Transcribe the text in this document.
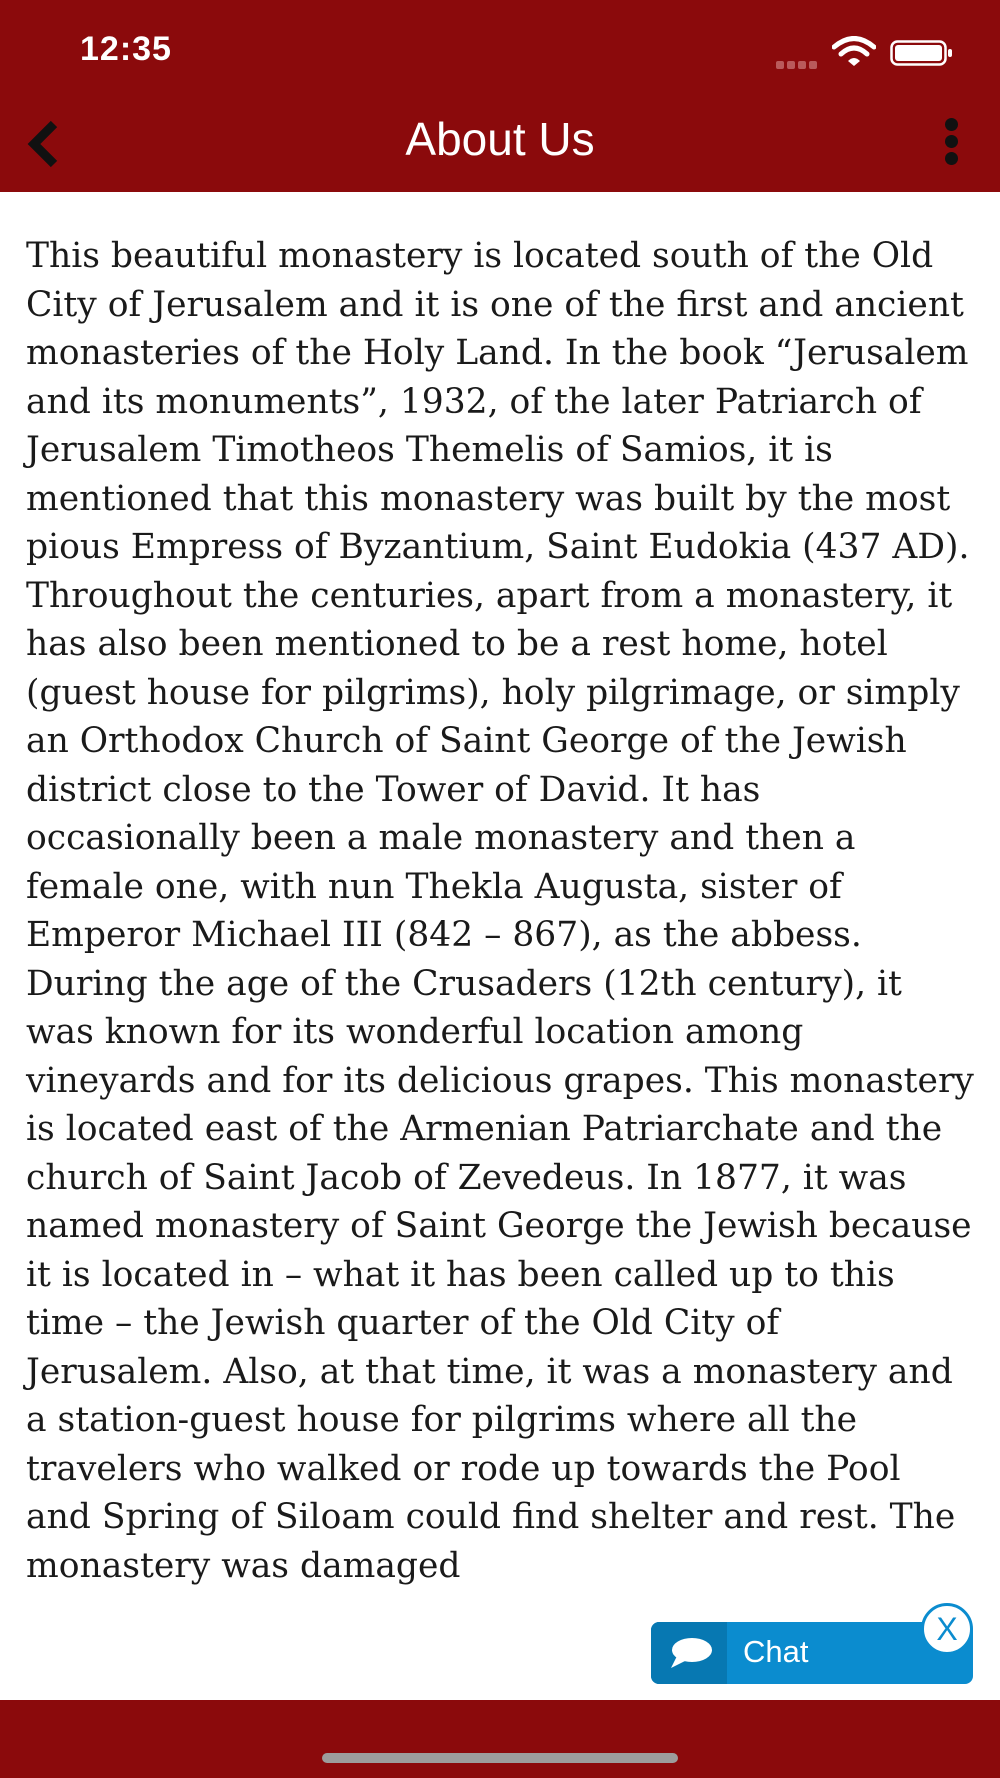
12:35
About Us

This beautiful monastery is located south of the Old City of Jerusalem and it is one of the first and ancient monasteries of the Holy Land. In the book “Jerusalem and its monuments”, 1932, of the later Patriarch of Jerusalem Timotheos Themelis of Samios, it is mentioned that this monastery was built by the most pious Empress of Byzantium, Saint Eudokia (437 AD). Throughout the centuries, apart from a monastery, it has also been mentioned to be a rest home, hotel (guest house for pilgrims), holy pilgrimage, or simply an Orthodox Church of Saint George of the Jewish district close to the Tower of David. It has occasionally been a male monastery and then a female one, with nun Thekla Augusta, sister of Emperor Michael III (842 – 867), as the abbess. During the age of the Crusaders (12th century), it was known for its wonderful location among vineyards and for its delicious grapes. This monastery is located east of the Armenian Patriarchate and the church of Saint Jacob of Zevedeus. In 1877, it was named monastery of Saint George the Jewish because it is located in – what it has been called up to this time – the Jewish quarter of the Old City of Jerusalem. Also, at that time, it was a monastery and a station-guest house for pilgrims where all the travelers who walked or rode up towards the Pool and Spring of Siloam could find shelter and rest. The monastery was damaged

Chat
X
